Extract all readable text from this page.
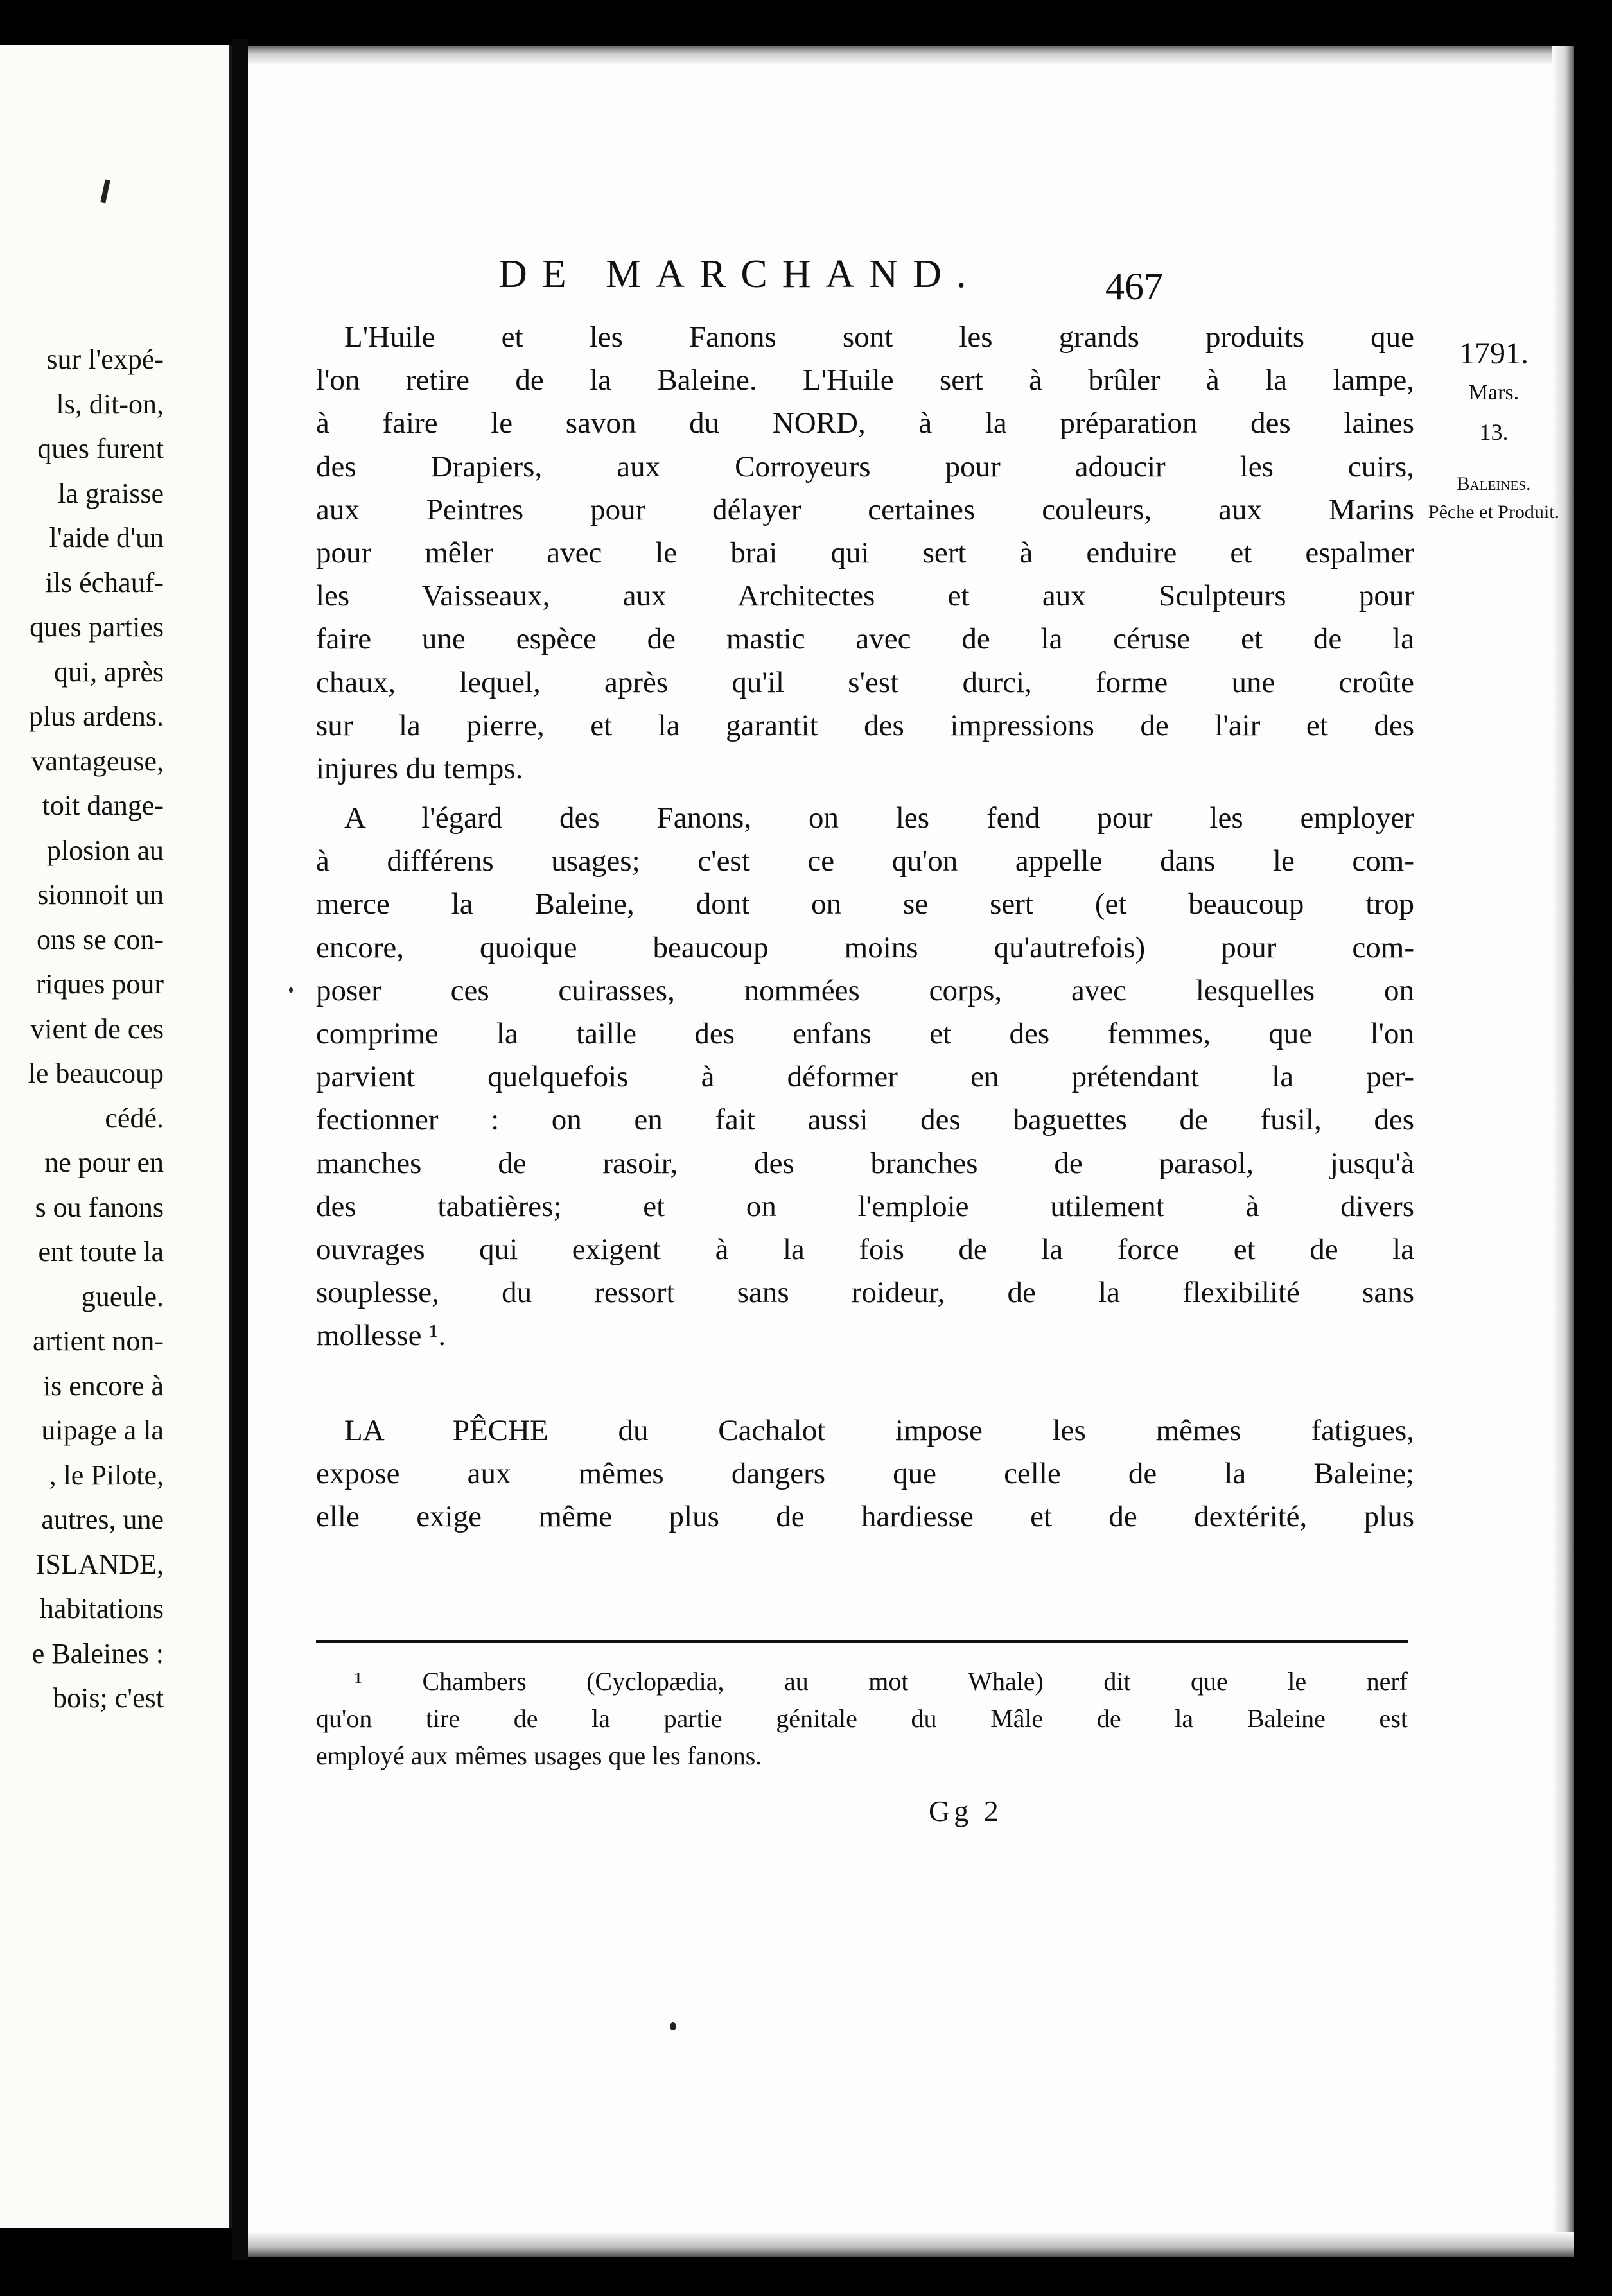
sur l'expé-
ls, dit-on,
ques furent
la graisse
l'aide d'un
ils échauf-
ques parties
qui, après
plus ardens.
vantageuse,
toit dange-
plosion au
sionnoit un
ons se con-
riques pour
vient de ces
le beaucoup
cédé.
ne pour en
s ou fanons
ent toute la
gueule.
artient non-
is encore à
uipage a la
, le Pilote,
autres, une
ISLANDE,
habitations
e Baleines :
bois; c'est
DE MARCHAND.	467
L'Huile et les Fanons sont les grands produits que
l'on retire de la Baleine. L'Huile sert à brûler à la lampe,
à faire le savon du NORD, à la préparation des laines
des Drapiers, aux Corroyeurs pour adoucir les cuirs,
aux Peintres pour délayer certaines couleurs, aux Marins
pour mêler avec le brai qui sert à enduire et espalmer
les Vaisseaux, aux Architectes et aux Sculpteurs pour
faire une espèce de mastic avec de la céruse et de la
chaux, lequel, après qu'il s'est durci, forme une croûte
sur la pierre, et la garantit des impressions de l'air et des
injures du temps.
A l'égard des Fanons, on les fend pour les employer
à différens usages; c'est ce qu'on appelle dans le com-
merce la Baleine, dont on se sert (et beaucoup trop
encore, quoique beaucoup moins qu'autrefois) pour com-
poser ces cuirasses, nommées corps, avec lesquelles on
comprime la taille des enfans et des femmes, que l'on
parvient quelquefois à déformer en prétendant la per-
fectionner : on en fait aussi des baguettes de fusil, des
manches de rasoir, des branches de parasol, jusqu'à
des tabatières; et on l'emploie utilement à divers
ouvrages qui exigent à la fois de la force et de la
souplesse, du ressort sans roideur, de la flexibilité sans
mollesse ¹.
LA PÊCHE du Cachalot impose les mêmes fatigues,
expose aux mêmes dangers que celle de la Baleine;
elle exige même plus de hardiesse et de dextérité, plus
¹ Chambers (Cyclopædia, au mot Whale) dit que le nerf
qu'on tire de la partie génitale du Mâle de la Baleine est
employé aux mêmes usages que les fanons.
Gg 2
1791.
Mars.
13.
Baleines.
Pêche et Produit.
